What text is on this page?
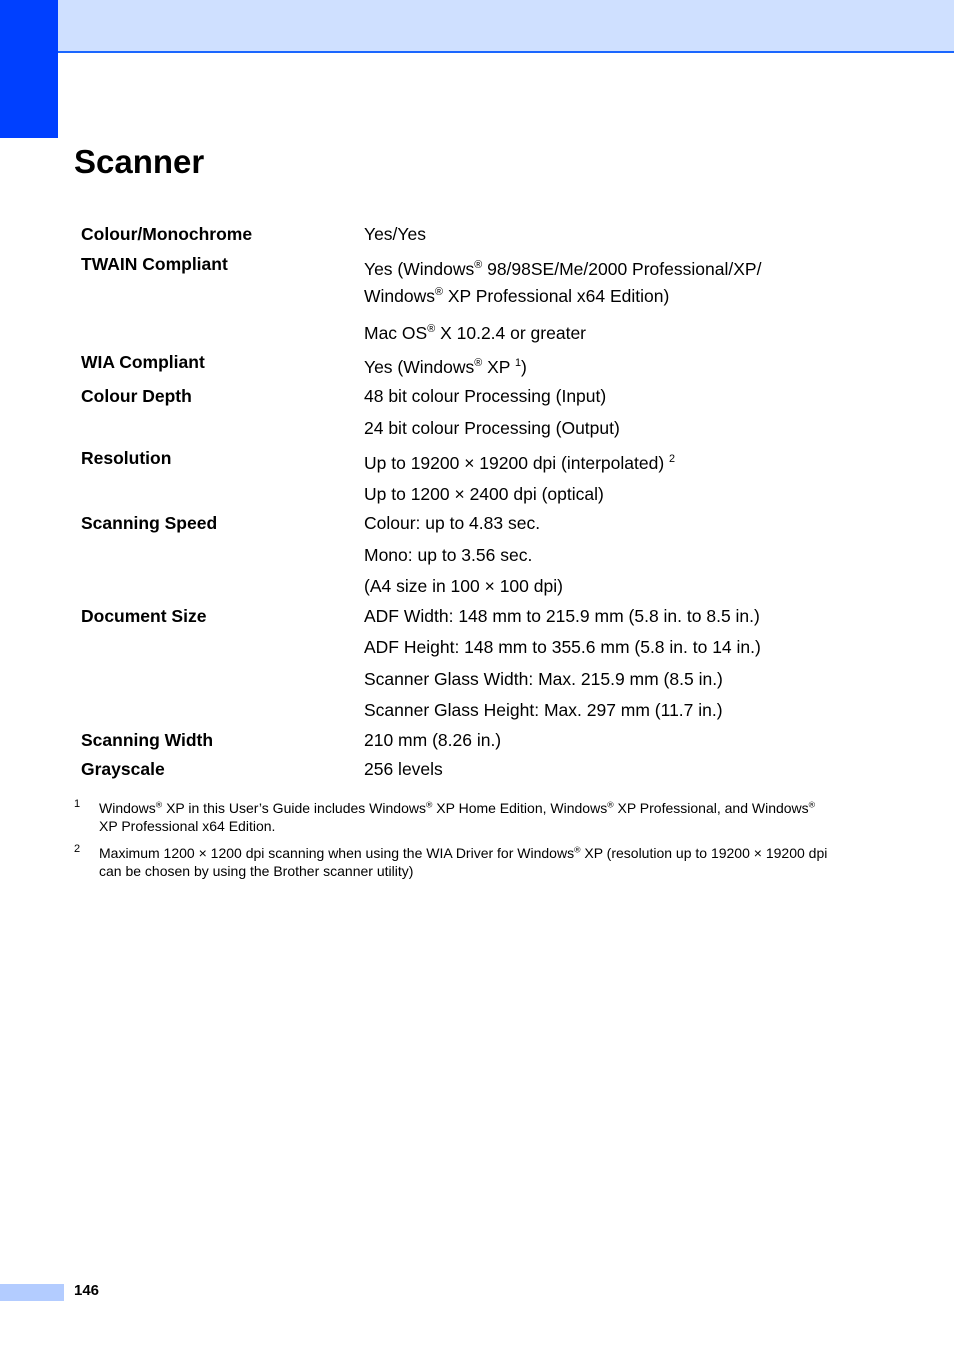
Scanner
Colour/Monochrome
TWAIN Compliant
WIA Compliant
Colour Depth
Resolution
Scanning Speed
Document Size
Scanning Width
Grayscale
Yes/Yes
Yes (Windows® 98/98SE/Me/2000 Professional/XP/
Windows® XP Professional x64 Edition)
Mac OS® X 10.2.4 or greater
Yes (Windows® XP $^1$)
48 bit colour Processing (Input)
24 bit colour Processing (Output)
Up to 19200 × 19200 dpi (interpolated) $^2$
Up to 1200 × 2400 dpi (optical)
Colour: up to 4.83 sec.
Mono: up to 3.56 sec.
(A4 size in 100 × 100 dpi)
ADF Width: 148 mm to 215.9 mm (5.8 in. to 8.5 in.)
ADF Height: 148 mm to 355.6 mm (5.8 in. to 14 in.)
Scanner Glass Width: Max. 215.9 mm (8.5 in.)
Scanner Glass Height: Max. 297 mm (11.7 in.)
210 mm (8.26 in.)
256 levels
1 Windows® XP in this User’s Guide includes Windows® XP Home Edition, Windows® XP Professional, and Windows®
XP Professional x64 Edition.
2 Maximum 1200 × 1200 dpi scanning when using the WIA Driver for Windows® XP (resolution up to 19200 × 19200 dpi
can be chosen by using the Brother scanner utility)
146
